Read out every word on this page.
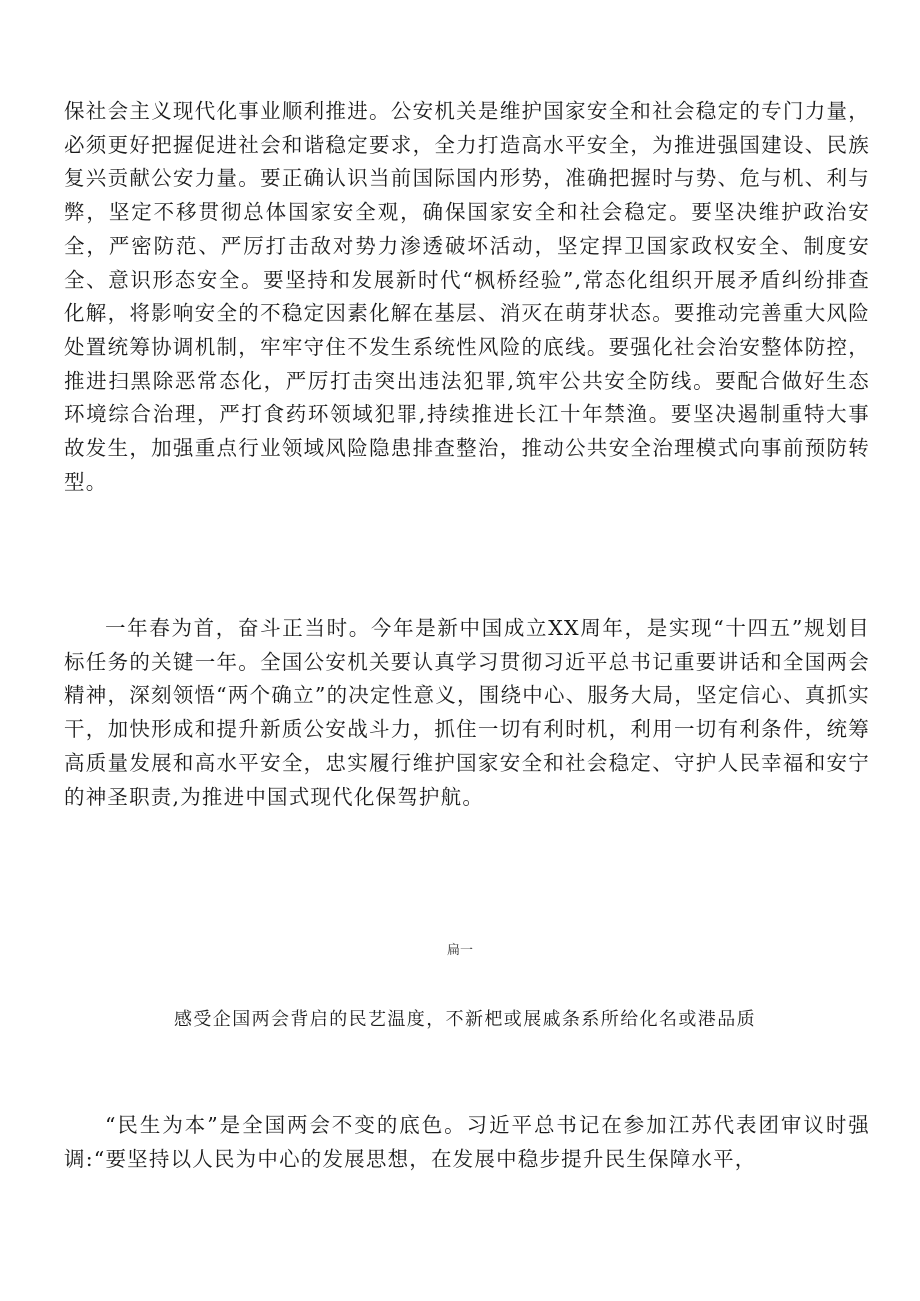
保社会主义现代化事业顺利推进。公安机关是维护国家安全和社会稳定的专门力量，必须更好把握促进社会和谐稳定要求，全力打造高水平安全，为推进强国建设、民族复兴贡献公安力量。要正确认识当前国际国内形势，准确把握时与势、危与机、利与弊，坚定不移贯彻总体国家安全观，确保国家安全和社会稳定。要坚决维护政治安全，严密防范、严厉打击敌对势力渗透破坏活动，坚定捍卫国家政权安全、制度安全、意识形态安全。要坚持和发展新时代“枫桥经验”,常态化组织开展矛盾纠纷排查化解，将影响安全的不稳定因素化解在基层、消灭在萌芽状态。要推动完善重大风险处置统筹协调机制，牢牢守住不发生系统性风险的底线。要强化社会治安整体防控，推进扫黑除恶常态化，严厉打击突出违法犯罪,筑牢公共安全防线。要配合做好生态环境综合治理，严打食药环领域犯罪,持续推进长江十年禁渔。要坚决遏制重特大事故发生，加强重点行业领域风险隐患排查整治，推动公共安全治理模式向事前预防转型。

一年春为首，奋斗正当时。今年是新中国成立XX周年，是实现“十四五”规划目标任务的关键一年。全国公安机关要认真学习贯彻习近平总书记重要讲话和全国两会精神，深刻领悟“两个确立”的决定性意义，围绕中心、服务大局，坚定信心、真抓实干，加快形成和提升新质公安战斗力，抓住一切有利时机，利用一切有利条件，统筹高质量发展和高水平安全，忠实履行维护国家安全和社会稳定、守护人民幸福和安宁的神圣职责,为推进中国式现代化保驾护航。

扁一

感受企国两会背启的民艺温度，不新杷或展戚条系所给化名或港品质

“民生为本”是全国两会不变的底色。习近平总书记在参加江苏代表团审议时强调:“要坚持以人民为中心的发展思想，在发展中稳步提升民生保障水平，
